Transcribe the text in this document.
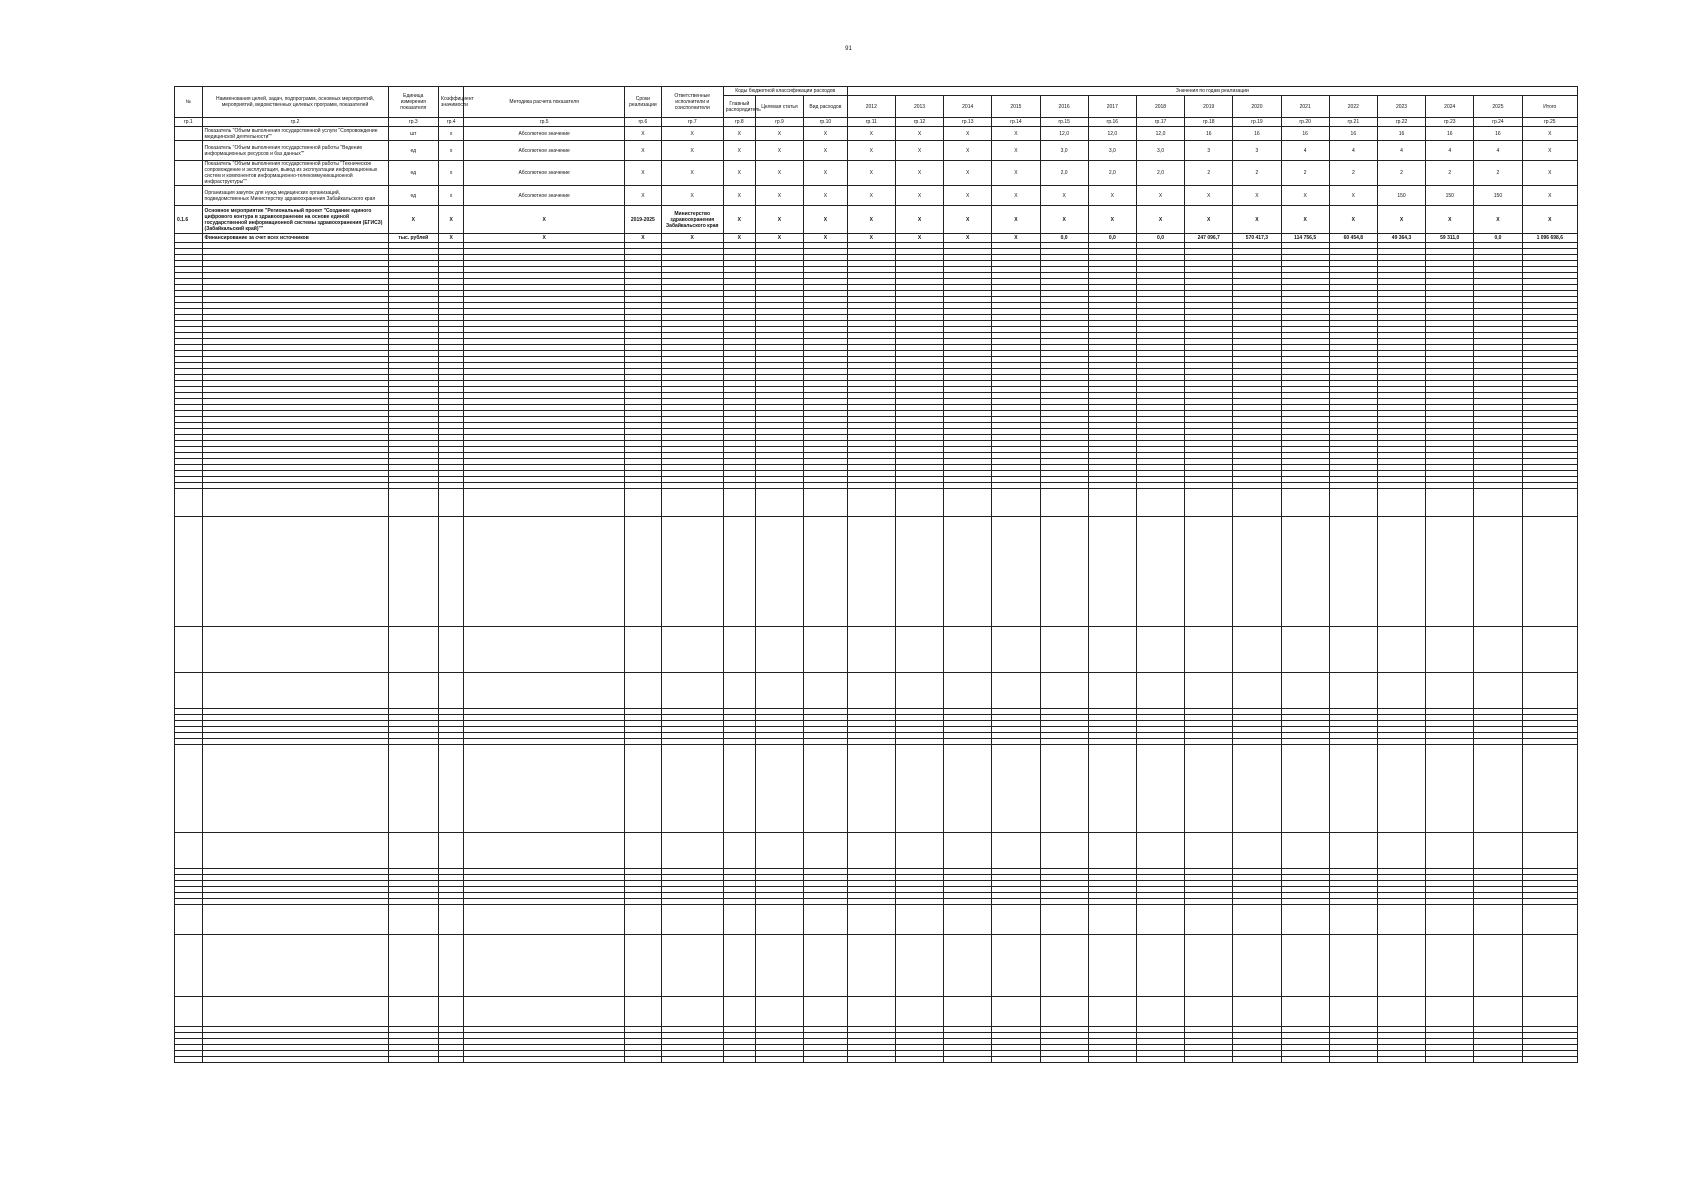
91
№	Наименования целей, задач, подпрограмм, основных мероприятий, мероприятий, ведомственных целевых программ, показателей	Единица измерения показателя	Коэффициент значимости	Методика расчета показателя	Сроки реализации	Ответственные исполнители и соисполнители	Коды бюджетной классификации расходов			Значения по годам реализации														
							Главный распорядитель	Целевая статья	Вид расходов	2012	2013	2014	2015	2016	2017	2018	2019	2020	2021	2022	2023	2024	2025	Итого
гр.1	гр.2	гр.3	гр.4	гр.5	гр.6	гр.7	гр.8	гр.9	гр.10	гр.11	гр.12	гр.13	гр.14	гр.15	гр.16	гр.17	гр.18	гр.19	гр.20	гр.21	гр.22	гр.23	гр.24	гр.25
	Показатель "Объем выполнения государственной услуги "Сопровождение медицинской деятельности""	шт	х	Абсолютное значение	Х	Х	Х	Х	Х	Х	Х	Х	Х	12,0	12,0	12,0	16	16	16	16	16	16	16	Х
	Показатель "Объем выполнения государственной работы "Ведение информационных ресурсов и баз данных""	ед	х	Абсолютное значение	Х	Х	Х	Х	Х	Х	Х	Х	Х	3,0	3,0	3,0	3	3	4	4	4	4	4	Х
	Показатель "Объем выполнения государственной работы "Техническое сопровождение и эксплуатация, вывод из эксплуатации информационных систем и компонентов информационно-телекоммуникационной инфраструктуры""	ед	х	Абсолютное значение	Х	Х	Х	Х	Х	Х	Х	Х	Х	2,0	2,0	2,0	2	2	2	2	2	2	2	Х
	Организация закупок для нужд медицинских организаций, подведомственных Министерству здравоохранения Забайкальского края	ед	х	Абсолютное значение	Х	Х	Х	Х	Х	Х	Х	Х	Х	Х	Х	Х	Х	Х	Х	Х	150	150	150	Х
0.1.6	Основное мероприятие "Региональный проект "Создание единого цифрового контура в здравоохранении на основе единой государственной информационной системы здравоохранения (ЕГИСЗ) (Забайкальский край)""	Х	Х	Х	2019-2025	Министерство здравоохранения Забайкальского края	Х	Х	Х	Х	Х	Х	Х	Х	Х	Х	Х	Х	Х	Х	Х	Х	Х	Х
	Финансирование за счет всех источников	тыс. рублей	Х	Х	Х	Х	Х	Х	Х	Х	Х	Х	Х	0,0	0,0	0,0	247 096,7	570 417,3	114 756,5	60 454,8	49 364,3	59 311,0	0,0	1 096 698,6
